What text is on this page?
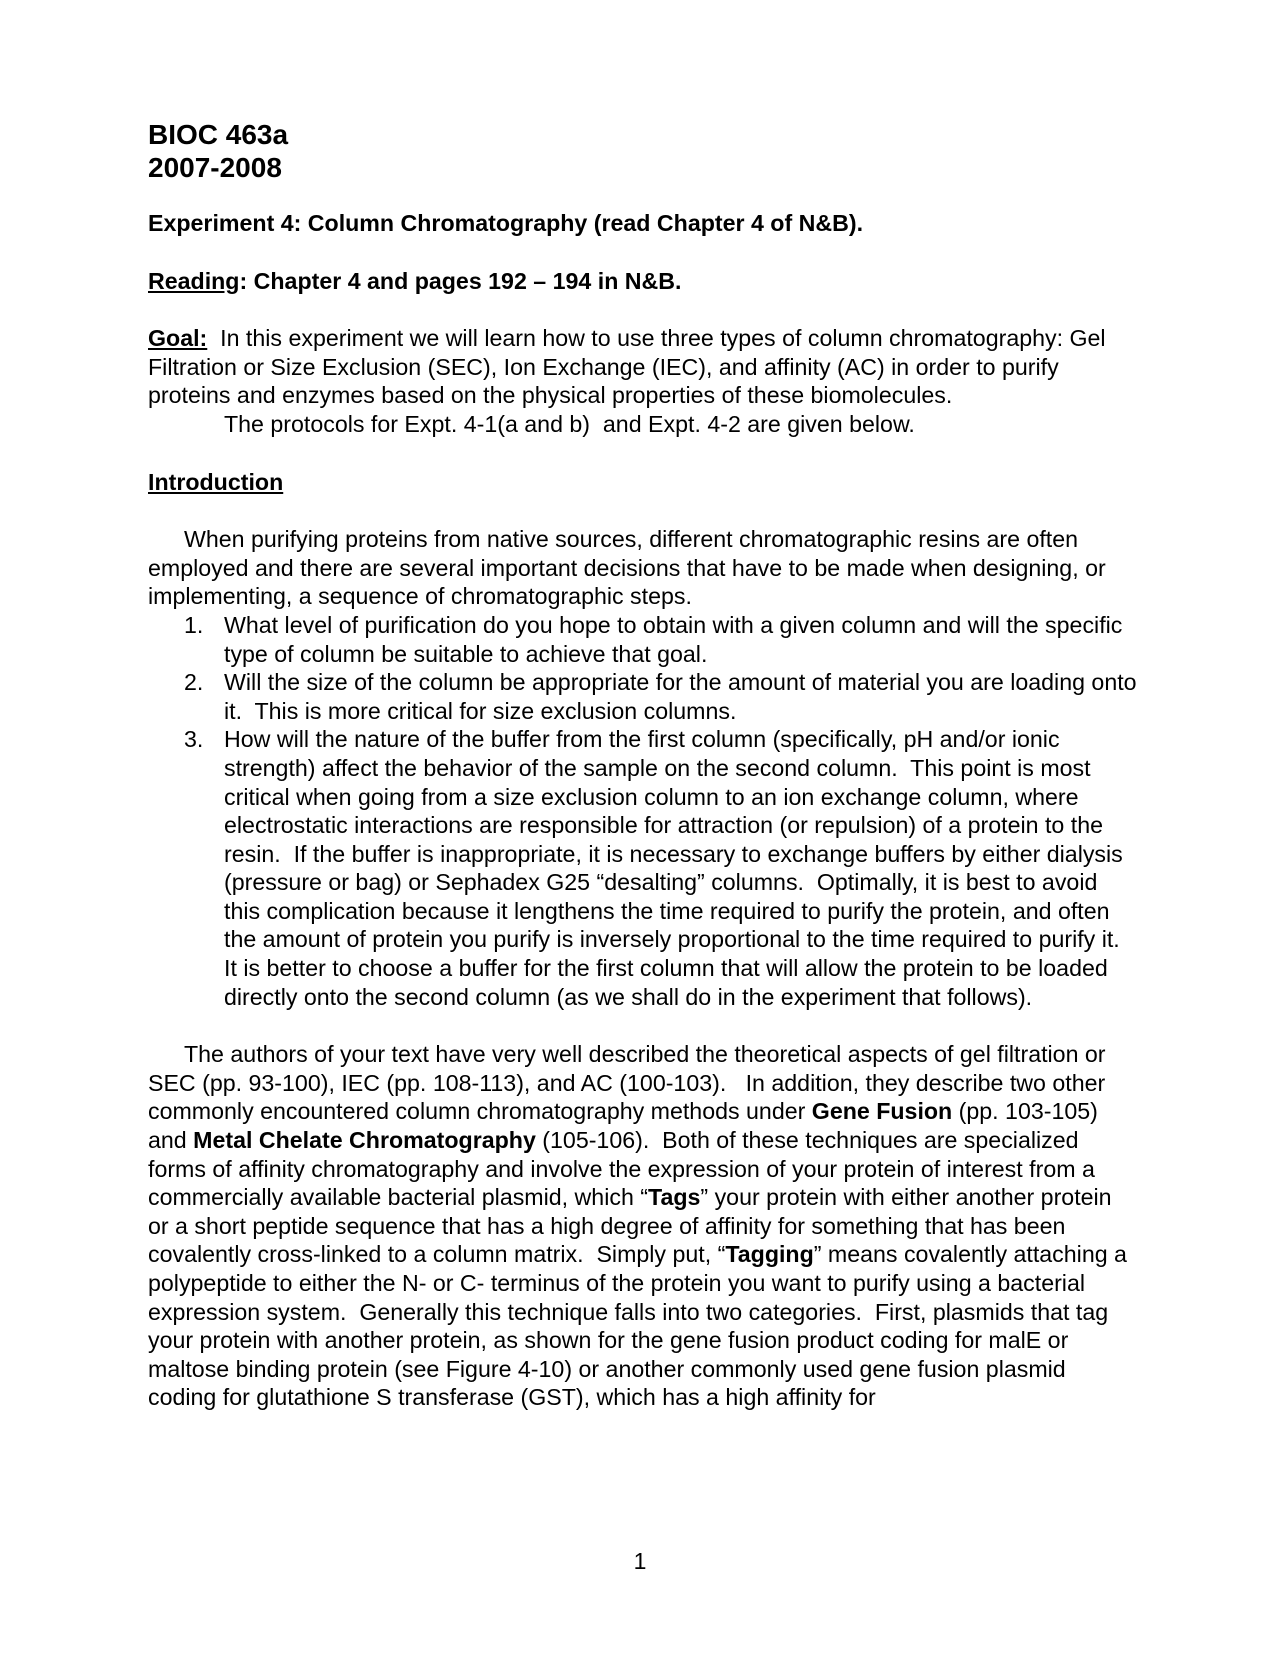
BIOC 463a
2007-2008

Experiment 4: Column Chromatography (read Chapter 4 of N&B).

Reading: Chapter 4 and pages 192 – 194 in N&B.

Goal:  In this experiment we will learn how to use three types of column chromatography: Gel Filtration or Size Exclusion (SEC), Ion Exchange (IEC), and affinity (AC) in order to purify proteins and enzymes based on the physical properties of these biomolecules.
The protocols for Expt. 4-1(a and b)  and Expt. 4-2 are given below.

Introduction

When purifying proteins from native sources, different chromatographic resins are often employed and there are several important decisions that have to be made when designing, or implementing, a sequence of chromatographic steps.

1. What level of purification do you hope to obtain with a given column and will the specific type of column be suitable to achieve that goal.
2. Will the size of the column be appropriate for the amount of material you are loading onto it.  This is more critical for size exclusion columns.
3. How will the nature of the buffer from the first column (specifically, pH and/or ionic strength) affect the behavior of the sample on the second column.  This point is most critical when going from a size exclusion column to an ion exchange column, where electrostatic interactions are responsible for attraction (or repulsion) of a protein to the resin.  If the buffer is inappropriate, it is necessary to exchange buffers by either dialysis (pressure or bag) or Sephadex G25 “desalting” columns.  Optimally, it is best to avoid this complication because it lengthens the time required to purify the protein, and often the amount of protein you purify is inversely proportional to the time required to purify it.  It is better to choose a buffer for the first column that will allow the protein to be loaded directly onto the second column (as we shall do in the experiment that follows).

The authors of your text have very well described the theoretical aspects of gel filtration or SEC (pp. 93-100), IEC (pp. 108-113), and AC (100-103).   In addition, they describe two other commonly encountered column chromatography methods under Gene Fusion (pp. 103-105) and Metal Chelate Chromatography (105-106).  Both of these techniques are specialized forms of affinity chromatography and involve the expression of your protein of interest from a commercially available bacterial plasmid, which “Tags” your protein with either another protein or a short peptide sequence that has a high degree of affinity for something that has been covalently cross-linked to a column matrix.  Simply put, “Tagging” means covalently attaching a polypeptide to either the N- or C- terminus of the protein you want to purify using a bacterial expression system.  Generally this technique falls into two categories.  First, plasmids that tag your protein with another protein, as shown for the gene fusion product coding for malE or maltose binding protein (see Figure 4-10) or another commonly used gene fusion plasmid coding for glutathione S transferase (GST), which has a high affinity for

1
